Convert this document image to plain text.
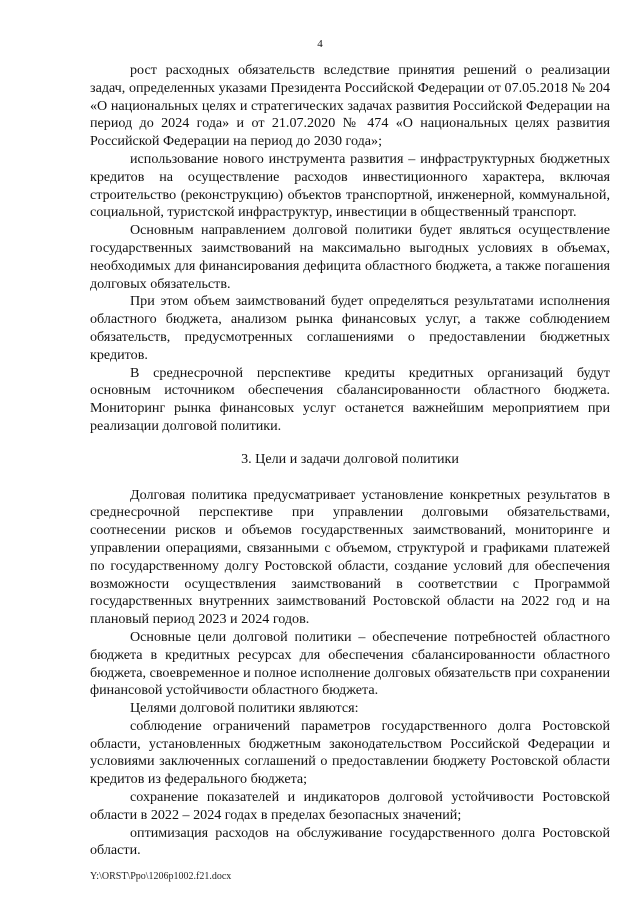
4

рост расходных обязательств вследствие принятия решений о реализации задач, определенных указами Президента Российской Федерации от 07.05.2018 № 204 «О национальных целях и стратегических задачах развития Российской Федерации на период до 2024 года» и от 21.07.2020 № 474 «О национальных целях развития Российской Федерации на период до 2030 года»;

использование нового инструмента развития – инфраструктурных бюджетных кредитов на осуществление расходов инвестиционного характера, включая строительство (реконструкцию) объектов транспортной, инженерной, коммунальной, социальной, туристской инфраструктур, инвестиции в общественный транспорт.

Основным направлением долговой политики будет являться осуществление государственных заимствований на максимально выгодных условиях в объемах, необходимых для финансирования дефицита областного бюджета, а также погашения долговых обязательств.

При этом объем заимствований будет определяться результатами исполнения областного бюджета, анализом рынка финансовых услуг, а также соблюдением обязательств, предусмотренных соглашениями о предоставлении бюджетных кредитов.

В среднесрочной перспективе кредиты кредитных организаций будут основным источником обеспечения сбалансированности областного бюджета. Мониторинг рынка финансовых услуг останется важнейшим мероприятием при реализации долговой политики.

3. Цели и задачи долговой политики

Долговая политика предусматривает установление конкретных результатов в среднесрочной перспективе при управлении долговыми обязательствами, соотнесении рисков и объемов государственных заимствований, мониторинге и управлении операциями, связанными с объемом, структурой и графиками платежей по государственному долгу Ростовской области, создание условий для обеспечения возможности осуществления заимствований в соответствии с Программой государственных внутренних заимствований Ростовской области на 2022 год и на плановый период 2023 и 2024 годов.

Основные цели долговой политики – обеспечение потребностей областного бюджета в кредитных ресурсах для обеспечения сбалансированности областного бюджета, своевременное и полное исполнение долговых обязательств при сохранении финансовой устойчивости областного бюджета.

Целями долговой политики являются:

соблюдение ограничений параметров государственного долга Ростовской области, установленных бюджетным законодательством Российской Федерации и условиями заключенных соглашений о предоставлении бюджету Ростовской области кредитов из федерального бюджета;

сохранение показателей и индикаторов долговой устойчивости Ростовской области в 2022 – 2024 годах в пределах безопасных значений;

оптимизация расходов на обслуживание государственного долга Ростовской области.

Y:\ORST\Ppo\1206p1002.f21.docx
